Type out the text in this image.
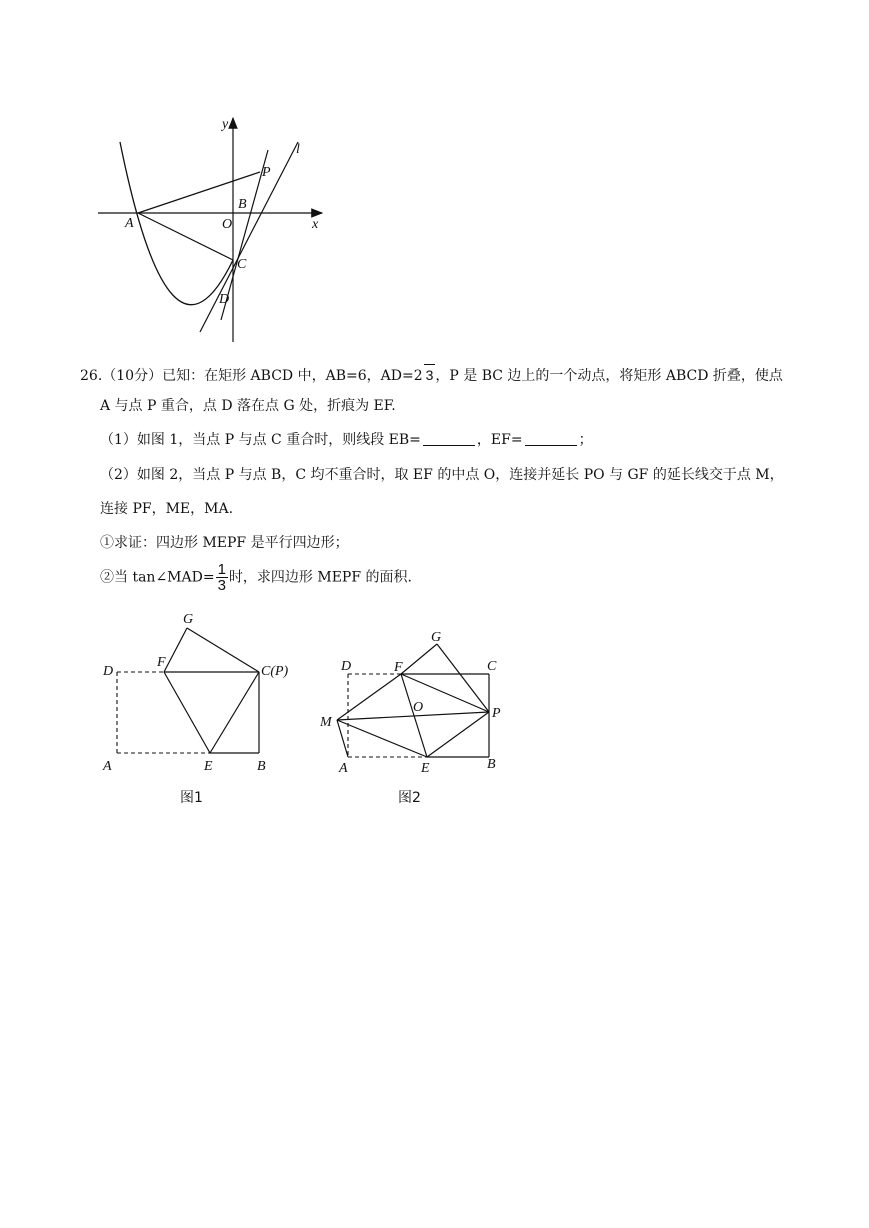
y
x
l
A
B
O
P
C
D
26.（10分）已知：在矩形 ABCD 中，AB=6，AD=2 3 ，P 是 BC 边上的一个动点，将矩形 ABCD 折叠，使点
A 与点 P 重合，点 D 落在点 G 处，折痕为 EF.
（1）如图 1，当点 P 与点 C 重合时，则线段 EB=	，EF=	；
（2）如图 2，当点 P 与点 B，C 均不重合时，取 EF 的中点 O，连接并延长 PO 与 GF 的延长线交于点 M，
连接 PF，ME，MA.
①求证：四边形 MEPF 是平行四边形；
②当 tan∠MAD= $\frac{1}{3}$ 时，求四边形 MEPF 的面积.
G
F
D	C(P)
A	E	B
图1
G
D	F	C
M
O	P
A	E	B
图2
